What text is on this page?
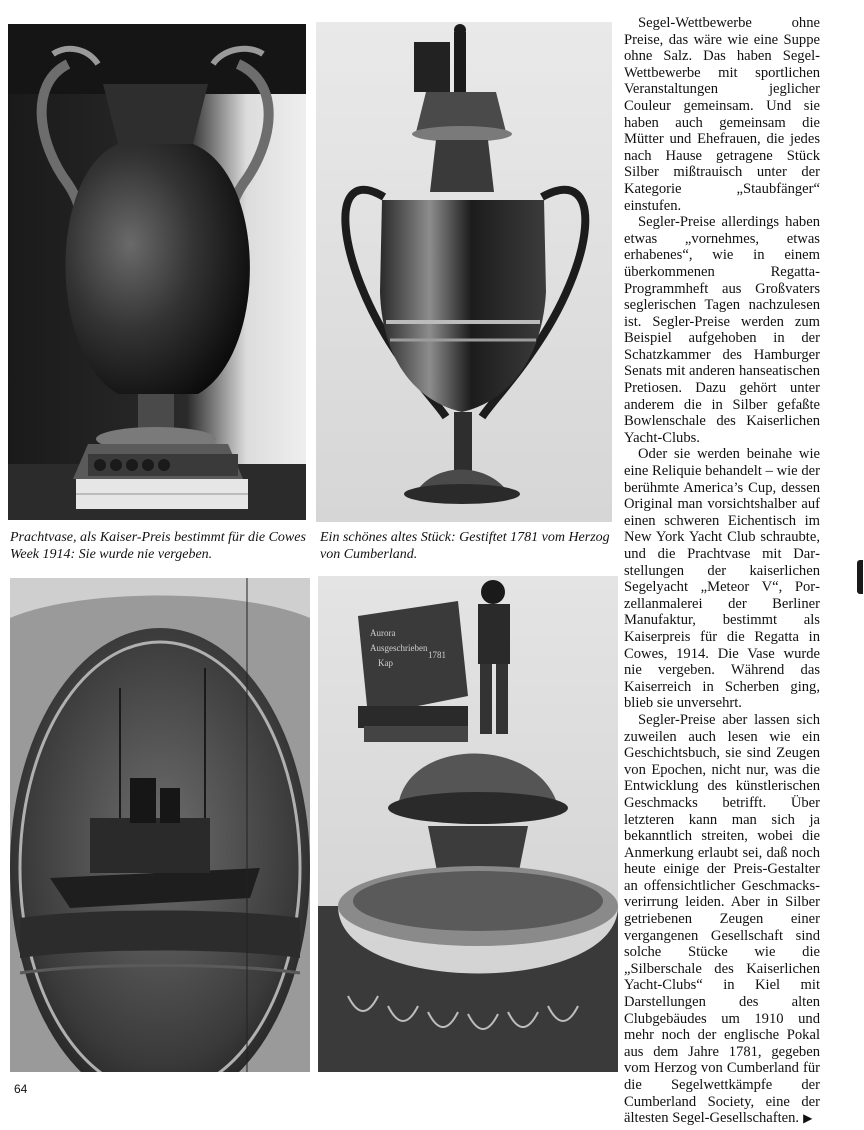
Prachtvase, als Kaiser-Preis bestimmt für die Cowes Week 1914: Sie wurde nie vergeben.
Ein schönes altes Stück: Gestiftet 1781 vom Herzog von Cumberland.
Aurora
Ausgeschrieben
Kap
1781

Segel-Wettbewerbe ohne Preise, das wäre wie eine Suppe ohne Salz. Das haben Segel-Wettbewerbe mit sportlichen Veranstaltungen jeglicher Couleur gemeinsam. Und sie haben auch gemeinsam die Mütter und Ehefrauen, die jedes nach Hause getragene Stück Silber mißtrauisch unter der Kategorie „Staubfänger“ einstufen.

Segler-Preise allerdings haben etwas „vornehmes, etwas erhabenes“, wie in einem überkommenen Regatta-Programmheft aus Großvaters seglerischen Tagen nachzulesen ist. Segler-Preise werden zum Beispiel aufgehoben in der Schatzkammer des Hamburger Senats mit anderen hanseatischen Pretiosen. Dazu gehört unter anderem die in Silber gefaßte Bowlenschale des Kaiserlichen Yacht-Clubs.

Oder sie werden beinahe wie eine Reliquie behandelt – wie der berühmte America’s Cup, dessen Original man vorsichtshalber auf einen schweren Eichentisch im New York Yacht Club schraubte, und die Prachtvase mit Darstellungen der kaiserlichen Segelyacht „Meteor V“, Porzellanmalerei der Berliner Manufaktur, bestimmt als Kaiserpreis für die Regatta in Cowes, 1914. Die Vase wurde nie vergeben. Während das Kaiserreich in Scherben ging, blieb sie unversehrt.

Segler-Preise aber lassen sich zuweilen auch lesen wie ein Geschichtsbuch, sie sind Zeugen von Epochen, nicht nur, was die Entwicklung des künstlerischen Geschmacks betrifft. Über letzteren kann man sich ja bekanntlich streiten, wobei die Anmerkung erlaubt sei, daß noch heute einige der Preis-Gestalter an offensichtlicher Geschmacksverirrung leiden. Aber in Silber getriebenen Zeugen einer vergangenen Gesellschaft sind solche Stücke wie die „Silberschale des Kaiserlichen Yacht-Clubs“ in Kiel mit Darstellungen des alten Clubgebäudes um 1910 und mehr noch der englische Pokal aus dem Jahre 1781, gegeben vom Herzog von Cumberland für die Segelwettkämpfe der Cumberland Society, eine der ältesten Segel-Gesellschaften. ▶

64
